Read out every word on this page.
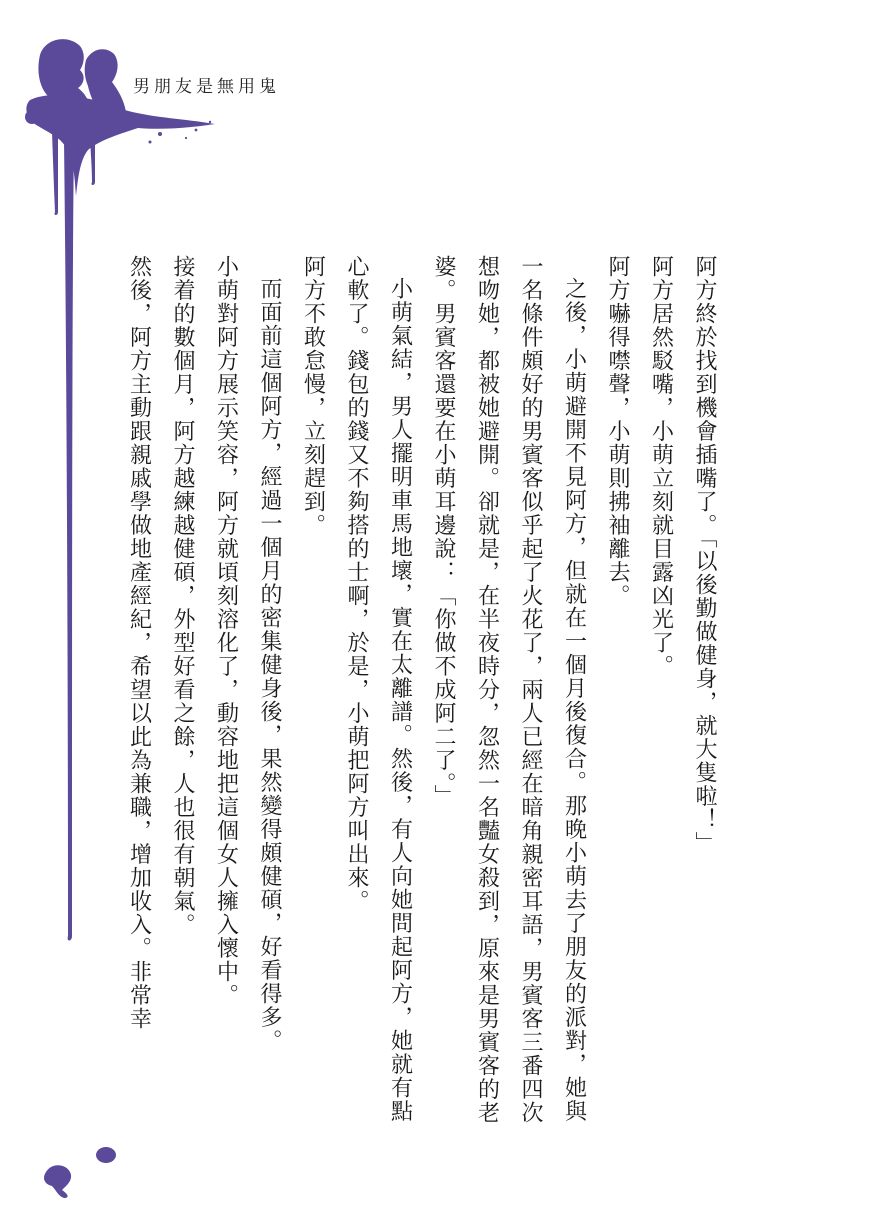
男朋友是無用鬼

阿方終於找到機會插嘴了。「以後勤做健身，就大隻啦！」

阿方居然駁嘴，小萌立刻就目露凶光了。

阿方嚇得噤聲，小萌則拂袖離去。

之後，小萌避開不見阿方，但就在一個月後復合。那晚小萌去了朋友的派對，她與一名條件頗好的男賓客似乎起了火花了，兩人已經在暗角親密耳語，男賓客三番四次想吻她，都被她避開。卻就是，在半夜時分，忽然一名豔女殺到，原來是男賓客的老婆。男賓客還要在小萌耳邊說：「你做不成阿二了。」

小萌氣結，男人擺明車馬地壞，實在太離譜。然後，有人向她問起阿方，她就有點心軟了。錢包的錢又不夠搭的士啊，於是，小萌把阿方叫出來。

阿方不敢怠慢，立刻趕到。

而面前這個阿方，經過一個月的密集健身後，果然變得頗健碩，好看得多。

小萌對阿方展示笑容，阿方就頃刻溶化了，動容地把這個女人擁入懷中。

接着的數個月，阿方越練越健碩，外型好看之餘，人也很有朝氣。

然後，阿方主動跟親戚學做地產經紀，希望以此為兼職，增加收入。非常幸
